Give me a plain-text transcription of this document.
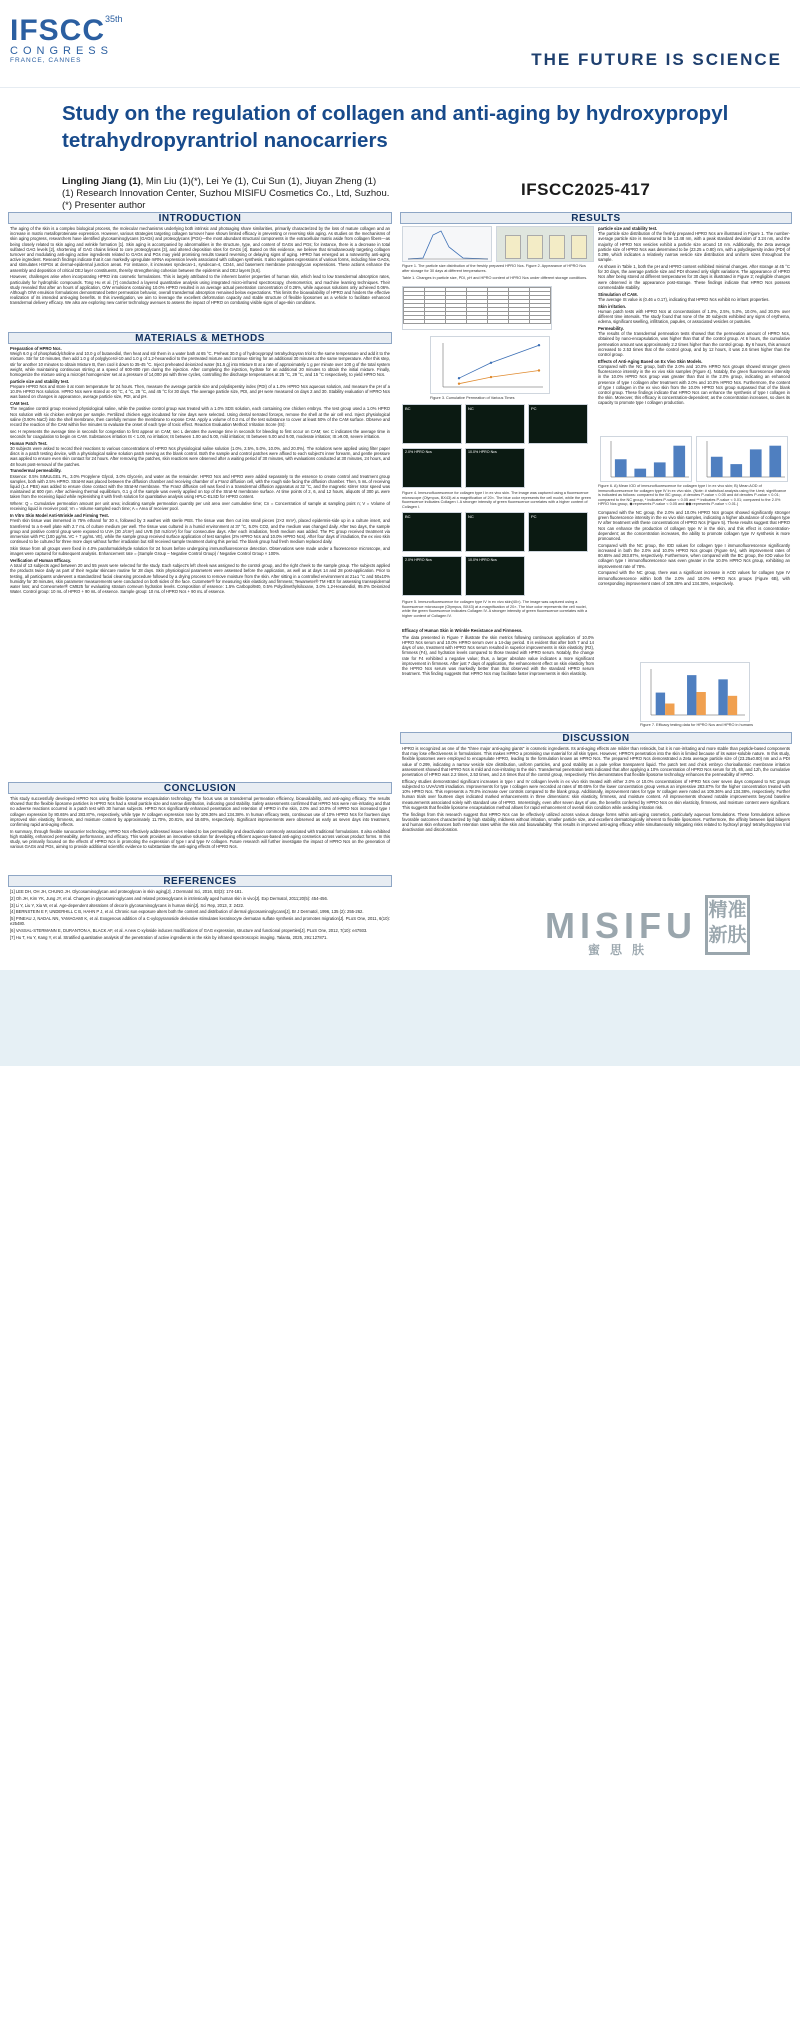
$IFSCC^{35th}$
CONGRESS
FRANCE, CANNES	THE FUTURE IS SCIENCE
Study on the regulation of collagen and anti-aging by hydroxypropyl tetrahydropyrantriol nanocarriers
Lingling Jiang (1), Min Liu (1)(*), Lei Ye (1), Cui Sun (1), Jiuyan Zheng (1)
(1) Research Innovation Center, Suzhou MISIFU Cosmetics Co., Ltd, Suzhou.
(*) Presenter author
IFSCC2025-417
INTRODUCTION

The aging of the skin is a complex biological process, the molecular mechanisms underlying both intrinsic and photoaging share similarities, primarily characterized by the loss of mature collagen and an increase in matrix metalloproteinase expression. However, various strategies targeting collagen turnover have shown limited efficacy in preventing or reversing skin aging. As studies on the mechanisms of skin aging progress, researchers have identified glycosaminoglycans (GAGs) and proteoglycans (PGs)—the most abundant structural components in the extracellular matrix aside from collagen fibers—as being closely related to skin aging and wrinkle formation [1]. Skin aging is accompanied by abnormalities in the structure, type, and content of GAGs and PGs; for instance, there is a decrease in total sulfated GAG levels [2], shortening of GAG chains linked to core proteoglycans [3], and altered deposition sites for GAGs [4]. Based on this evidence, we believe that simultaneously targeting collagen turnover and modulating anti-aging active ingredients related to GAGs and PGs may yield promising results toward reversing or delaying signs of aging. HPRO has emerged as a noteworthy anti-aging active ingredient. Research findings indicate that it can markedly upregulate mRNA expression levels associated with collagen synthesis. It also regulates expressions of various forms, including hive GAGs, and stimulates HSPGs at dermal-epidermal junction areas. For instance, it increases syndecan-1, syndecan-4, CD44, and basement membrane proteoglycan expressions. These actions enhance the assembly and deposition of critical DEJ layer constituents, thereby strengthening cohesion between the epidermis and DEJ layers [5,6].

However, challenges arise when incorporating HPRO into cosmetic formulations. This is largely attributed to the inherent barrier properties of human skin, which lead to low transdermal absorption rates, particularly for hydrophilic compounds. Tong Hu et al. [7] conducted a layered quantitative analysis using integrated micro-infrared spectroscopy, chemometrics, and machine learning techniques. Their study revealed that after an hours of application, O/W emulsions containing 10.0% HPRO resulted in an average actual penetration concentration of 0.26%, while aqueous solutions only achieved 0.06%. Although O/W emulsion formulations demonstrated better permeation behavior, overall transdermal absorption remained below expectations. This limits the bioavailability of HPRO and hinders the effective realization of its intended anti-aging benefits. In this investigation, we aim to leverage the excellent deformation capacity and stable structure of flexible liposomes as a vehicle to facilitate enhanced transdermal delivery efficacy. We also are exploring new carrier technology avenues to assess the impact of HPRO on combating visible signs of age-skin conditions.

MATERIALS & METHODS

Preparation of HPRO Ncs.
Weigh 6.0 g of phosphatidylcholine and 10.0 g of butanediol, then heat and stir them in a water bath at 65 °C. Preheat 30.0 g of hydroxypropyl tetrahydropyran triol to the same temperature and add it to the mixture. Stir for 10 minutes, then add 1.0 g of polyglycerol-10 and 1.0 g of 1,2-hexanediol to the pretreated mixture and continue stirring for an additional 30 minutes at the same temperature. After this step, stir for another 10 minutes to obtain Mixture B, then cool it down to 35-45 °C. Inject preheated deionized water (51.5 g) into Mixture B at a rate of approximately 1 g per minute over 100 g of the total system weight, while maintaining continuous stirring at a speed of 600-800 rpm during the injection. After completing the injection, hydrate for an additional 20 minutes to obtain the initial mixture. Finally, homogenize the mixture using a microjet homogenizer set at a pressure of 14,000 psi with three cycles, controlling the discharge temperatures at 25 °C, 29 °C, and 15 °C respectively, to yield HPRO Ncs.

particle size and stability test.
Prepare HPRO Ncs and store it at room temperature for 24 hours. Then, measure the average particle size and polydispersity index (PDI) of a 1.0% HPRO Ncs aqueous solution, and measure the pH of a 10.0% HPRO Ncs solution. HPRO Ncs were stored at -20 °C, 4 °C, 25 °C, and 45 °C for 30 days. The average particle size, PDI, and pH were measured on days 2 and 30. Stability evaluation of HPRO Ncs was based on changes in appearance, average particle size, PDI, and pH.

CAM test.
The negative control group received physiological saline, while the positive control group was treated with a 1.0% SDS solution, each containing one chicken embryo. The test group used a 1.0% HPRO Ncs solution with six chicken embryos per sample. Fertilized chicken eggs incubated for nine days were selected. Using dental serrated forceps, remove the shell at the air cell end. Inject physiological saline (0.90% NaCl) into the shell membrane, then carefully remove the membrane to expose CAM. Apply a volume of 0.3 mL of the test substance to cover at least 50% of the CAM surface. Observe and record the reaction of the CAM within five minutes to evaluate the onset of each type of toxic effect. Reaction Evaluation Method: Irritation Score (IS):

sec H represents the average time in seconds for congestion to first appear on CAM; sec L denotes the average time in seconds for bleeding to first occur on CAM; sec C indicates the average time in seconds for coagulation to begin on CAM. Substances irritation IS < 1.00, no irritation; IS between 1.00 and 5.00, mild irritation; IS between 5.00 and 9.00, moderate irritation; IS ≥9.00, severe irritation.

Human Patch Test.
30 subjects were asked to record their reactions to various concentrations of HPRO Ncs physiological saline solution (1.0%, 2.5%, 5.0%, 10.0%, and 20.0%). The solutions were applied using filter paper discs in a patch testing device, with a physiological saline solution patch serving as the blank control. Both the sample and control patches were affixed to each subject's inner forearm, and gentle pressure was applied to ensure even skin contact for 24 hours. After removing the patches, skin reactions were observed after a waiting period of 30 minutes, with evaluations conducted at 30 minutes, 24 hours, and 48 hours post-removal of the patches.

Transdermal permeability.
Essence: 0.5% SIMULGEL FL, 3.0% Propylene Glycol, 3.0% Glycerin, and water as the remainder. HPRO Ncs and HPRO were added separately to the essence to create control and treatment group samples, both with 2.5% HPRO. Strat-M was placed between the diffusion chamber and receiving chamber of a Franz diffusion cell, with the rough side facing the diffusion chamber. Then, 5 mL of receiving liquid (1.4 PBS) was added to ensure close contact with the Strat-M membrane. The Franz diffusion cell was fixed in a transdermal diffusion apparatus at 32 °C, and the magnetic stirrer rotor speed was maintained at 600 rpm. After achieving thermal equilibrium, 0.1 g of the sample was evenly applied on top of the Strat-M membrane surface. At time points of 2, 6, and 12 hours, aliquots of 300 μL were taken from the receiving liquid while replenishing it with fresh solution for quantitative analysis using HPLC-ELSD for HPRO content.

Where: Q = Cumulative permeation amount per unit area; indicating sample permeation quantity per unit area over cumulative time; Cn = Concentration of sample at sampling point n; V = Volume of receiving liquid in receiver pool; Vn = Volume sampled each time; A = Area of receiver pool.

In Vitro Skin Model Anti-Wrinkle and Firming Test.
Fresh skin tissue was immersed in 75% ethanol for 30 s, followed by 3 washes with sterile PBS. The tissue was then cut into small pieces (2×2 mm²), placed epidermis-side up in a culture insert, and transferred to a 6-well plate with 2.7 mL of culture medium per well. The tissue was cultured in a humid environment at 37 °C, 5.0% CO2, and the medium was changed daily. After two days, the sample group and positive control group were exposed to UVA (30 J/cm²) and UVB (50 mJ/cm²) for four consecutive days. After each irradiation, fresh medium was added. The PC group received treatment via immersion with PC (100 μg/mL VC + 7 μg/mL VE), while the sample group received surface application of test samples (2% HPRO Ncs and 10.0% HPRO Ncs). After four days of irradiation, the ex vivo skin continued to be cultured for three more days without further irradiation but still received sample treatment during this period. The blank group had fresh medium replaced daily.

Skin tissue from all groups were fixed in 4.0% paraformaldehyde solution for 24 hours before undergoing immunofluorescence detection. Observations were made under a fluorescence microscope, and images were captured for subsequent analysis. Enhancement rate = (Sample Group – Negative Control Group) / Negative Control Group × 100%.

Verification of Human Efficacy.
A total of 13 subjects aged between 20 and 55 years were selected for the study. Each subject's left cheek was assigned to the control group, and the right cheek to the sample group. The subjects applied the products twice daily as part of their regular skincare routine for 28 days. Skin physiological parameters were assessed before the application, as well as at days 14 and 28 post-application. Prior to testing, all participants underwent a standardized facial cleansing procedure followed by a drying process to remove moisture from the skin. After sitting in a controlled environment at 21±1 °C and 50±10% humidity for 30 minutes, skin parameter measurements were conducted on both sides of the face. Cutometer® for measuring skin elasticity and firmness; Tewameter® TM HEX for assessing transepidermal water loss; and Corneometer® CM825 for evaluating stratum corneum hydration levels. Composition of essence: 1.5% Carbopol940, 0.5% Polydimethylsiloxane, 3.0% 1,2-Hexanediol, 95.0% Deionized Water. Control group: 10 mL of HPRO + 90 mL of essence. Sample group: 10 mL of HPRO Ncs + 90 mL of essence.

CONCLUSION

This study successfully developed HPRO Ncs using flexible liposome encapsulation technology. The focus was on transdermal permeation efficiency, bioavailability, and anti-aging efficacy. The results showed that the flexible liposome particles in HPRO Ncs had a small particle size and narrow distribution, indicating good stability. Safety assessments confirmed that HPRO Ncs were non-irritating and that no adverse reactions occurred in a patch test with 30 human subjects. HPRO Ncs significantly enhanced penetration and retention of HPRO in the skin, 2.0% and 10.0% of HPRO Ncs increased type I collagen expression by 80.65% and 283.87%, respectively, while type IV collagen expression rose by 109.36% and 134.38%. In human efficacy tests, continuous use of 10% HPRO Ncs for fourteen days improved skin elasticity, firmness, and moisture content by approximately 11.70%, 20.81%, and 18.60%, respectively. Significant improvements were observed as early as seven days into treatment, confirming rapid anti-aging effects.

In summary, through flexible nanocarrier technology, HPRO Ncs effectively addressed issues related to low permeability and deactivation commonly associated with traditional formulations. It also exhibited high stability, enhanced permeability, performance, and efficacy. This work provides an innovative solution for developing efficient aqueous-based anti-aging cosmetics across various product forms. In this study, we primarily focused on the effects of HPRO Ncs in promoting the expression of type I and type IV collagen. Future research will further investigate the impact of HPRO Ncs on the generation of various GAGs and PGs, aiming to provide additional scientific evidence to substantiate the anti-aging effects of HPRO Ncs.

REFERENCES

[1] LEE DH, OH JH, CHUNG JH. Glycosaminoglycan and proteoglycan in skin aging[J]. J Dermatol Sci, 2016, 83(3): 174-181.

[2] Oh JH, Kim YK, Jung JY, et al. Changes in glycosaminoglycans and related proteoglycans in intrinsically aged human skin in vivo[J]. Exp Dermatol, 2011;20(5): 454-456.

[3] Li Y, Liu Y, Xia W, et al. Age-dependent alterations of decorin glycosaminoglycans in human skin[J]. Sci Rep, 2013, 3: 2422.

[4] BERNSTEIN E F, UNDERHILL C B, HAHN P J, et al. Chronic sun exposure alters both the content and distribution of dermal glycosaminoglycans[J]. Br J Dermatol, 1996, 135 (2): 255-262.

[5] PINEAU J, NADAL NN, YAMAGAMI K, et al. Exogenous addition of a C-xylopyranoside derivative stimulates keratinocyte dermatan sulfate synthesis and promotes migration[J]. PLoS One, 2011, 6(10): e25480.

[6] VASSAL-STERMANN E, DURANTON A, BLACK AF, et al. A new C-xyloside induces modifications of GAG expression, structure and functional properties[J]. PLoS One, 2012, 7(10): e47933.

[7] Hu T, Hu Y, Kang Y, et al. Stratified quantitative analysis of the penetration of active ingredients in the skin by infrared spectroscopic imaging. Talanta, 2025, 291:127871.

RESULTS
Figure 1. The particle size distribution of the freshly prepared HPRO Ncs. Figure 2. Appearance of HPRO Ncs after storage for 30 days at different temperatures.
Table 1. Changes in particle size, PDI, pH and HPRO content of HPRO Ncs under different storage conditions.

Figure 3. Cumulative Permeation of Various Times
BC	NC	PC
2.0% HPRO Ncs	10.0% HPRO Ncs
Figure 4. Immunofluorescence for collagen type I in ex vivo skin. The image was captured using a fluorescence microscope (Olympus, BX43) at a magnification of 20×. The blue color represents the cell nuclei, while the green fluorescence indicates Collagen I. A stronger intensity of green fluorescence correlates with a higher content of Collagen I.
BC	NC	PC
2.0% HPRO Ncs	10.0% HPRO Ncs
Figure 5. Immunofluorescence for collagen type IV in ex vivo skin(40×). The image was captured using a fluorescence microscope (Olympus, BX43) at a magnification of 20×. The blue color represents the cell nuclei, while the green fluorescence indicates Collagen IV. A stronger intensity of green fluorescence correlates with a higher content of Collagen IV.

Efficacy of Human Skin in Wrinkle Resistance and Firmness.

The data presented in Figure 7 illustrate the skin metrics following continuous application of 10.0% HPRO Ncs serum and 10.0% HPRO serum over a 14-day period. It is evident that after both 7 and 14 days of use, treatment with HPRO Ncs serum resulted in superior improvements in skin elasticity (R2), firmness (F4), and hydration levels compared to those treated with HPRO serum. Notably, the change rate for F4 exhibited a negative value; thus, a larger absolute value indicates a more significant improvement in firmness. After just 7 days of application, the enhancement effect on skin elasticity from the HPRO Ncs serum was markedly better than that observed with the standard HPRO serum treatment. This finding suggests that HPRO Ncs may facilitate faster improvements in skin elasticity.

particle size and stability test.
The particle size distribution of the freshly prepared HPRO Ncs are illustrated in Figure 1. The number-average particle size is measured to be 13.48 nm, with a peak standard deviation of 3.24 nm, and the majority of HPRO Ncs vesicles exhibit a particle size around 10 nm. Additionally, the Zeta average particle size of HPRO Ncs was determined to be (23.25 ± 0.80) nm, with a polydispersity index (PDI) of 0.299, which indicates a relatively narrow vesicle size distribution and uniform sizes throughout the sample.

As shown in Table 1, both the pH and HPRO content exhibited minimal changes. After storage at 45 °C for 30 days, the average particle size and PDI showed only slight variations. The appearance of HPRO Ncs after being stored at different temperatures for 30 days is illustrated in Figure 2; negligible changes were observed in the appearance post-storage. These findings indicate that HPRO Ncs possess commendable stability.

Stimulation of CAM.
The average IS value is (0.46 ± 0.17), indicating that HPRO Ncs exhibit no irritant properties.

Skin irritation.
Human patch tests with HPRO Ncs at concentrations of 1.0%, 2.5%, 5.0%, 10.0%, and 20.0% over different time intervals. The study found that none of the 30 subjects exhibited any signs of erythema, edema, significant swelling, infiltration, papules, or associated vesicles or pustules.

Permeability.
The results of the transdermal permeation tests showed that the permeation amount of HPRO Ncs, obtained by nano-encapsulation, was higher than that of the control group. At 6 hours, the cumulative permeation amount was approximately 2.2 times higher than the control group. By 6 hours, this amount increased to 2.53 times that of the control group, and by 12 hours, it was 2.6 times higher than the control group.

Effects of Anti-Aging Based on Ex Vivo Skin Models.
Compared with the NC group, both the 2.0% and 10.0% HPRO Ncs groups showed stronger green fluorescence intensity in the ex vivo skin samples (Figure 4). Notably, the green fluorescence intensity in the 10.0% HPRO Ncs group was greater than that in the 2.0% group, indicating an enhanced presence of type I collagen after treatment with 2.0% and 10.0% HPRO Ncs. Furthermore, the content of type I collagen in the ex vivo skin from the 10.0% HPRO Ncs group surpassed that of the blank control group. These findings indicate that HPRO Ncs can enhance the synthesis of type I collagen in the skin. Moreover, this efficacy is concentration-dependent; as the concentration increases, so does its capacity to promote type I collagen production.

Figure 6. A) Mean IOD of immunofluorescence for collagen type I in ex vivo skin; B) Mean AOD of immunofluorescence for collagen type IV in ex vivo skin. (Note: # statistical analysis using the t-test; significance is indicated as follows: compared to the BC group, # denotes P-value < 0.05 and ## denotes P-value < 0.01; compared to the NC group, * indicates P-value < 0.05 and ** indicates P-value < 0.01; compared to the 2.0% HPRO Ncs group, ◆ represents P-value < 0.05 and ◆◆ represents P-value < 0.01.)

Compared with the NC group, the 2.0% and 10.0% HPRO Ncs groups showed significantly stronger green fluorescence intensity in the ex vivo skin samples, indicating a higher abundance of collagen type IV after treatment with these concentrations of HPRO Ncs (Figure 5). These results suggest that HPRO Ncs can enhance the production of collagen type IV in the skin, and this effect is concentration-dependent; as the concentration increases, the ability to promote collagen type IV synthesis is more pronounced.

Compared with the NC group, the IOD values for collagen type I immunofluorescence significantly increased in both the 2.0% and 10.0% HPRO Ncs groups (Figure 6A), with improvement rates of 80.65% and 283.87%, respectively. Furthermore, when compared with the BC group, the IOD value for collagen type I immunofluorescence was even greater in the 10.0% HPRO Ncs group, exhibiting an improvement rate of 78%.

Compared with the NC group, there was a significant increase in AOD values for collagen type IV immunofluorescence within both the 2.0% and 10.0% HPRO Ncs groups (Figure 6B), with corresponding improvement rates of 109.36% and 134.38%, respectively.

Figure 7. Efficacy testing data for HPRO Ncs and HPRO in humans
DISCUSSION

HPRO is recognized as one of the "three major anti-aging giants" in cosmetic ingredients. Its anti-aging effects are milder than retinoids, but it is non-irritating and more stable than peptide-based components that may lose effectiveness in formulations. This makes HPRO a promising raw material for all skin types. However, HPRO's penetration into the skin is limited because of its water-soluble nature. In this study, flexible liposomes were employed to encapsulate HPRO, leading to the formulation known as HPRO Ncs. The prepared HPRO Ncs demonstrated a Zeta average particle size of (23.25±0.80) nm and a PDI value of 0.299, indicating a narrow vesicle size distribution, uniform particles, and good stability as a pale yellow transparent liquid. The patch test and chick embryo chorioallantoic membrane irritation assessment showed that HPRO Ncs is mild and non-irritating to the skin. Transdermal penetration tests indicated that after applying a 10% concentration of HPRO Ncs serum for 2h, 6h, and 12h, the cumulative penetration of HPRO was 2.2 times, 2.53 times, and 2.6 times that of the control group, respectively. This demonstrates that flexible liposome technology enhances the permeability of HPRO.

Efficacy studies demonstrated significant increases in type I and IV collagen levels in ex vivo skin treated with either 2.0% or 10.0% concentrations of HPRO Ncs over seven days compared to NC groups subjected to UVA/UVB irradiation. Improvements for type I collagen were recorded at rates of 80.65% for the lower concentration group versus an impressive 283.87% for the higher concentration treated with 10% HPRO Ncs. This represents a 78.0% increase over controls compared to the blank group. Additionally, improvement rates for type IV collagen were noted as 109.36% and 134.38%, respectively. Further human trials over fourteen days indicated marked enhancements in three dimensions: skin elasticity, firmness, and moisture content. All improvements showed notable improvements beyond baseline measurements associated solely with standard use of HPRO. Interestingly, even after seven days of use, the benefits conferred by HPRO Ncs on skin elasticity, firmness, and moisture content were significant. This suggests that flexible liposome encapsulation method allows for rapid enhancement of overall skin condition while avoiding irritation risk.

The findings from this research suggest that HPRO Ncs can be effectively utilized across various dosage forms within anti-aging cosmetics, particularly aqueous formulations. These formulations achieve favorable outcomes characterized by high stability, mildness without irritation, smaller particle size, and excellent dermatologically inherent to flexible liposomes. Furthermore, the affinity between lipid bilayers and human skin enhances both retention rates within the skin and bioavailability. This results in improved anti-aging efficacy while simultaneously mitigating risks related to hydroxyl propyl tetrahydropyran triol deactivation and discoloration.

MISIFU
蜜思肤
精准新肤
IFSCC
SOCIÉTÉ FRANÇAISE DE
COSMÉTOLOGIE
